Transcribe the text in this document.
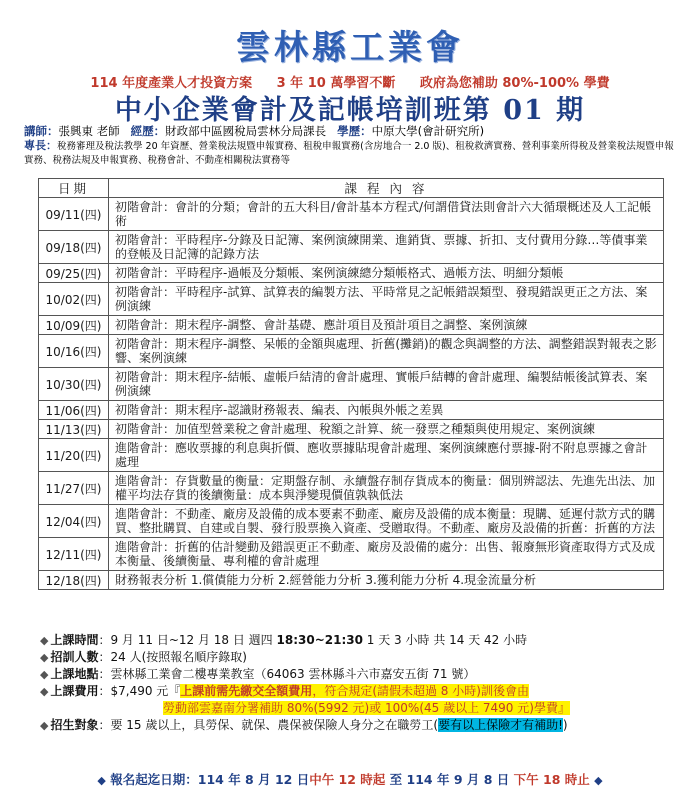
雲林縣工業會
114 年度產業人才投資方案 3 年 10 萬學習不斷 政府為您補助 80%-100% 學費
中小企業會計及記帳培訓班第 01 期
講師：張興東 老師 經歷：財政部中區國稅局雲林分局課長 學歷：中原大學(會計研究所)
專長：稅務審理及稅法教學 20 年資歷、營業稅法規暨申報實務、租稅申報實務(含房地合一 2.0 版)、租稅救濟實務、營利事業所得稅及營業稅法規暨申報實務、稅務法規及申報實務、稅務會計、不動產相關稅法實務等
日期	課 程 內 容
09/11(四)	初階會計：會計的分類；會計的五大科目/會計基本方程式/何謂借貸法則會計六大循環概述及人工記帳術
09/18(四)	初階會計：平時程序-分錄及日記簿、案例演練開業、進銷貨、票據、折扣、支付費用分錄…等債事業的登帳及日記簿的記錄方法
09/25(四)	初階會計：平時程序-過帳及分類帳、案例演練總分類帳格式、過帳方法、明細分類帳
10/02(四)	初階會計：平時程序-試算、試算表的編製方法、平時常見之記帳錯誤類型、發現錯誤更正之方法、案例演練
10/09(四)	初階會計：期末程序-調整、會計基礎、應計項目及預計項目之調整、案例演練
10/16(四)	初階會計：期末程序-調整、呆帳的金額與處理、折舊(攤銷)的觀念與調整的方法、調整錯誤對報表之影響、案例演練
10/30(四)	初階會計：期末程序-結帳、虛帳戶結清的會計處理、實帳戶結轉的會計處理、編製結帳後試算表、案例演練
11/06(四)	初階會計：期末程序-認識財務報表、編表、內帳與外帳之差異
11/13(四)	初階會計：加值型營業稅之會計處理、稅額之計算、統一發票之種類與使用規定、案例演練
11/20(四)	進階會計：應收票據的利息與折價、應收票據貼現會計處理、案例演練應付票據-附不附息票據之會計處理
11/27(四)	進階會計：存貨數量的衡量：定期盤存制、永續盤存制存貨成本的衡量：個別辨認法、先進先出法、加權平均法存貨的後續衡量：成本與淨變現價值孰執低法
12/04(四)	進階會計：不動產、廠房及設備的成本要素不動產、廠房及設備的成本衡量：現購、延遲付款方式的購買、整批購買、自建或自製、發行股票換入資產、受贈取得。不動產、廠房及設備的折舊：折舊的方法
12/11(四)	進階會計：折舊的估計變動及錯誤更正不動產、廠房及設備的處分：出售、報廢無形資產取得方式及成本衡量、後續衡量、專利權的會計處理
12/18(四)	財務報表分析 1.償債能力分析 2.經營能力分析 3.獲利能力分析 4.現金流量分析
◆ 上課時間：9 月 11 日~12 月 18 日 週四 18:30~21:30 1 天 3 小時 共 14 天 42 小時
◆ 招訓人數：24 人(按照報名順序錄取)
◆ 上課地點：雲林縣工業會二樓專業教室（64063 雲林縣斗六市嘉安五街 71 號）
◆ 上課費用：$7,490 元『上課前需先繳交全額費用，符合規定(請假未超過 8 小時)訓後會由
勞動部雲嘉南分署補助 80%(5992 元)或 100%(45 歲以上 7490 元)學費』
◆ 招生對象：要 15 歲以上，具勞保、就保、農保被保險人身分之在職勞工(要有以上保險才有補助!)
◆ 報名起迄日期：114 年 8 月 12 日中午 12 時起 至 114 年 9 月 8 日 下午 18 時止 ◆
